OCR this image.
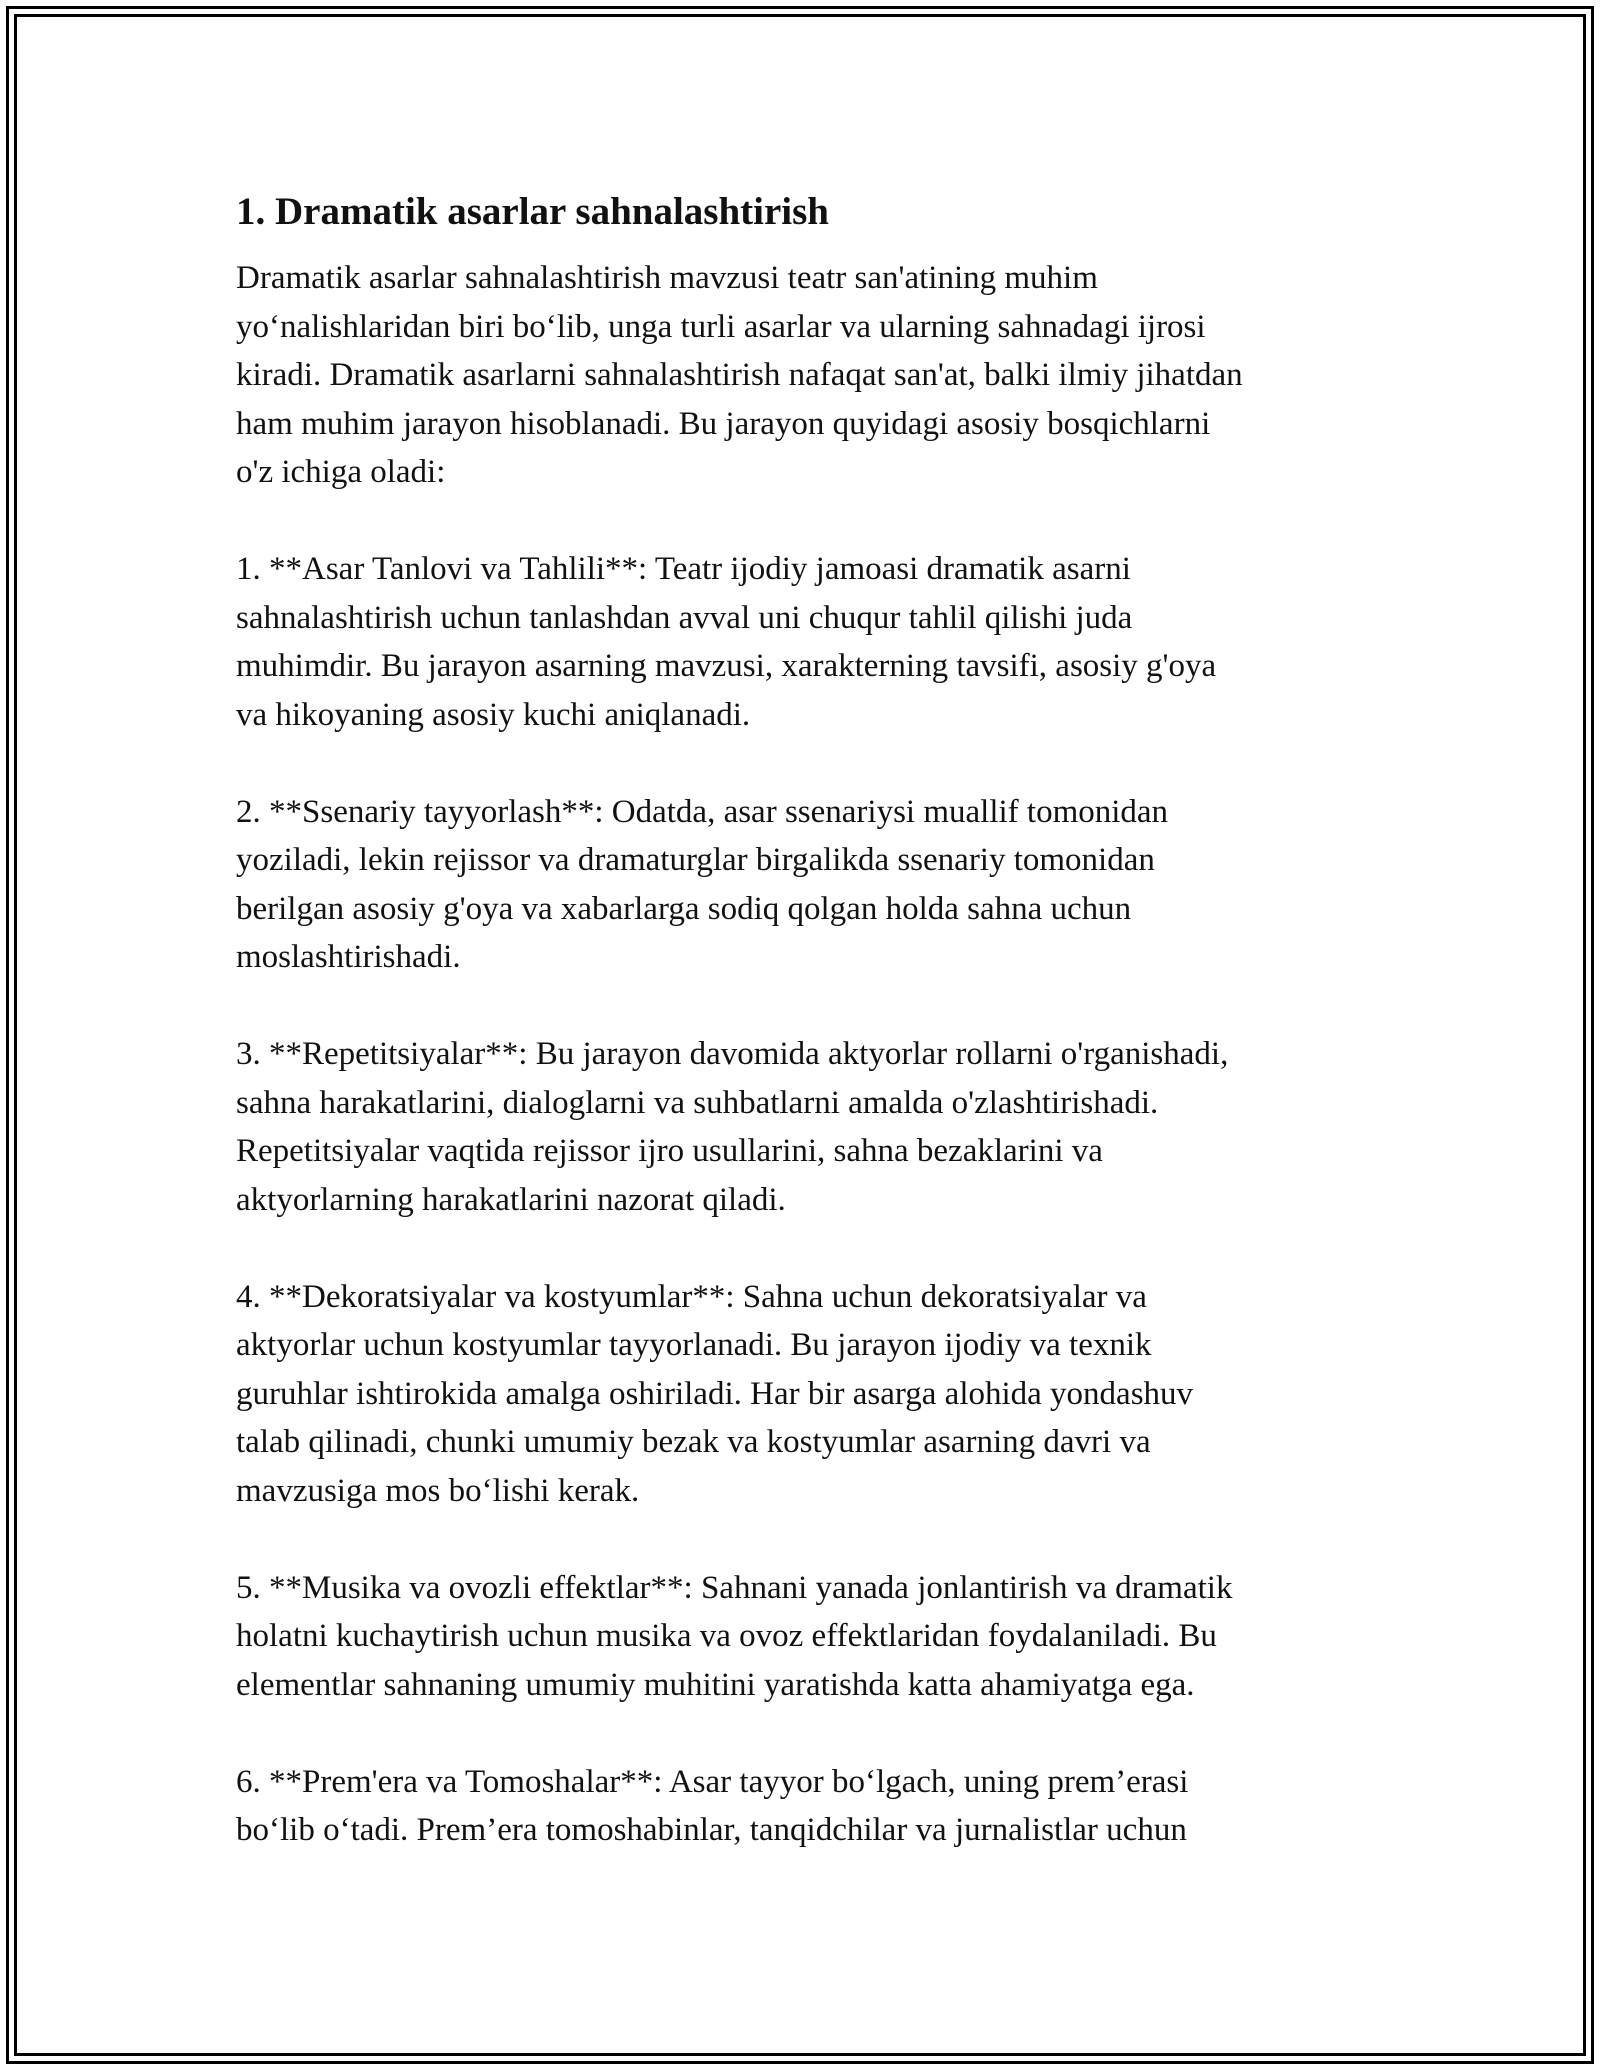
1. Dramatik asarlar sahnalashtirish
Dramatik asarlar sahnalashtirish mavzusi teatr san'atining muhim
yo‘nalishlaridan biri bo‘lib, unga turli asarlar va ularning sahnadagi ijrosi
kiradi. Dramatik asarlarni sahnalashtirish nafaqat san'at, balki ilmiy jihatdan
ham muhim jarayon hisoblanadi. Bu jarayon quyidagi asosiy bosqichlarni
o'z ichiga oladi:
1. **Asar Tanlovi va Tahlili**: Teatr ijodiy jamoasi dramatik asarni
sahnalashtirish uchun tanlashdan avval uni chuqur tahlil qilishi juda
muhimdir. Bu jarayon asarning mavzusi, xarakterning tavsifi, asosiy g'oya
va hikoyaning asosiy kuchi aniqlanadi.
2. **Ssenariy tayyorlash**: Odatda, asar ssenariysi muallif tomonidan
yoziladi, lekin rejissor va dramaturglar birgalikda ssenariy tomonidan
berilgan asosiy g'oya va xabarlarga sodiq qolgan holda sahna uchun
moslashtirishadi.
3. **Repetitsiyalar**: Bu jarayon davomida aktyorlar rollarni o'rganishadi,
sahna harakatlarini, dialoglarni va suhbatlarni amalda o'zlashtirishadi.
Repetitsiyalar vaqtida rejissor ijro usullarini, sahna bezaklarini va
aktyorlarning harakatlarini nazorat qiladi.
4. **Dekoratsiyalar va kostyumlar**: Sahna uchun dekoratsiyalar va
aktyorlar uchun kostyumlar tayyorlanadi. Bu jarayon ijodiy va texnik
guruhlar ishtirokida amalga oshiriladi. Har bir asarga alohida yondashuv
talab qilinadi, chunki umumiy bezak va kostyumlar asarning davri va
mavzusiga mos bo‘lishi kerak.
5. **Musika va ovozli effektlar**: Sahnani yanada jonlantirish va dramatik
holatni kuchaytirish uchun musika va ovoz effektlaridan foydalaniladi. Bu
elementlar sahnaning umumiy muhitini yaratishda katta ahamiyatga ega.
6. **Prem'era va Tomoshalar**: Asar tayyor bo‘lgach, uning prem’erasi
bo‘lib o‘tadi. Prem’era tomoshabinlar, tanqidchilar va jurnalistlar uchun
